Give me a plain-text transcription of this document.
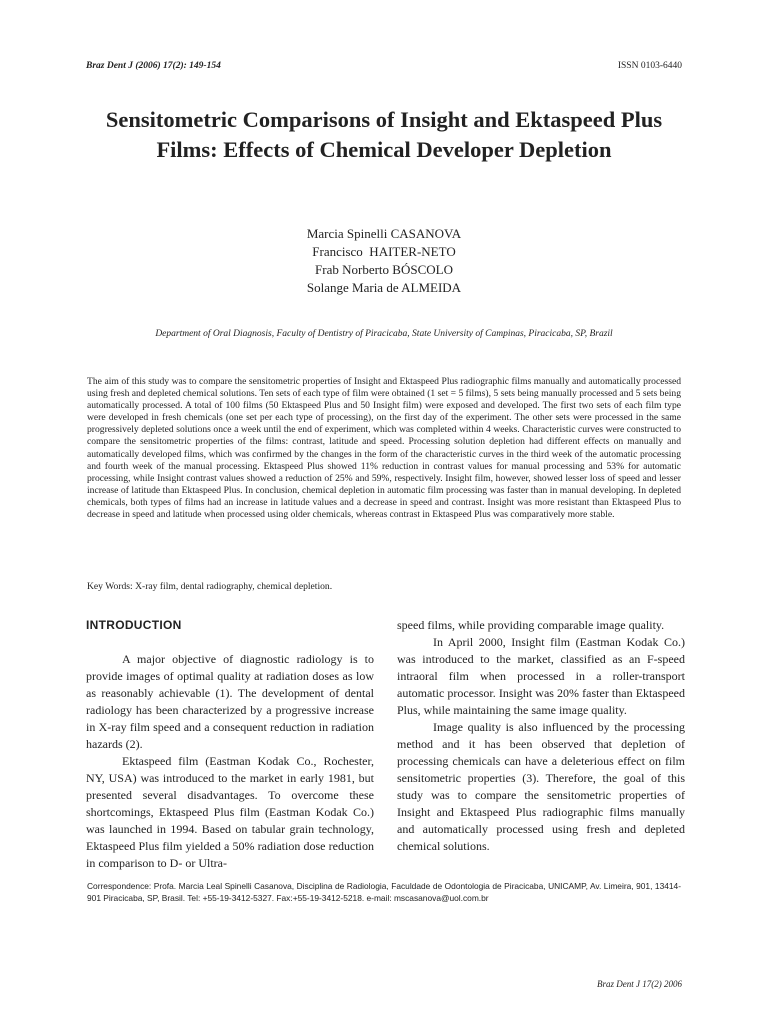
Braz Dent J (2006) 17(2): 149-154	ISSN 0103-6440
Sensitometric Comparisons of Insight and Ektaspeed Plus Films: Effects of Chemical Developer Depletion
Marcia Spinelli CASANOVA
Francisco  HAITER-NETO
Frab Norberto BÓSCOLO
Solange Maria de ALMEIDA
Department of Oral Diagnosis, Faculty of Dentistry of Piracicaba, State University of Campinas, Piracicaba, SP, Brazil

The aim of this study was to compare the sensitometric properties of Insight and Ektaspeed Plus radiographic films manually and automatically processed using fresh and depleted chemical solutions. Ten sets of each type of film were obtained (1 set = 5 films), 5 sets being manually processed and 5 sets being automatically processed. A total of 100 films (50 Ektaspeed Plus and 50 Insight film) were exposed and developed. The first two sets of each film type were developed in fresh chemicals (one set per each type of processing), on the first day of the experiment. The other sets were processed in the same progressively depleted solutions once a week until the end of experiment, which was completed within 4 weeks. Characteristic curves were constructed to compare the sensitometric properties of the films: contrast, latitude and speed. Processing solution depletion had different effects on manually and automatically developed films, which was confirmed by the changes in the form of the characteristic curves in the third week of the automatic processing and fourth week of the manual processing. Ektaspeed Plus showed 11% reduction in contrast values for manual processing and 53% for automatic processing, while Insight contrast values showed a reduction of 25% and 59%, respectively. Insight film, however, showed lesser loss of speed and lesser increase of latitude than Ektaspeed Plus. In conclusion, chemical depletion in automatic film processing was faster than in manual developing. In depleted chemicals, both types of films had an increase in latitude values and a decrease in speed and contrast. Insight was more resistant than Ektaspeed Plus to decrease in speed and latitude when processed using older chemicals, whereas contrast in Ektaspeed Plus was comparatively more stable.

Key Words: X-ray film, dental radiography, chemical depletion.
INTRODUCTION

A major objective of diagnostic radiology is to provide images of optimal quality at radiation doses as low as reasonably achievable (1). The development of dental radiology has been characterized by a progressive increase in X-ray film speed and a consequent reduction in radiation hazards (2).

Ektaspeed film (Eastman Kodak Co., Rochester, NY, USA) was introduced to the market in early 1981, but presented several disadvantages. To overcome these shortcomings, Ektaspeed Plus film (Eastman Kodak Co.) was launched in 1994. Based on tabular grain technology, Ektaspeed Plus film yielded a 50% radiation dose reduction in comparison to D- or Ultra-

speed films, while providing comparable image quality.

In April 2000, Insight film (Eastman Kodak Co.) was introduced to the market, classified as an F-speed intraoral film when processed in a roller-transport automatic processor. Insight was 20% faster than Ektaspeed Plus, while maintaining the same image quality.

Image quality is also influenced by the processing method and it has been observed that depletion of processing chemicals can have a deleterious effect on film sensitometric properties (3). Therefore, the goal of this study was to compare the sensitometric properties of Insight and Ektaspeed Plus radiographic films manually and automatically processed using fresh and depleted chemical solutions.

Correspondence: Profa. Marcia Leal Spinelli Casanova, Disciplina de Radiologia, Faculdade de Odontologia de Piracicaba, UNICAMP, Av. Limeira, 901, 13414-901 Piracicaba, SP, Brasil. Tel: +55-19-3412-5327. Fax:+55-19-3412-5218. e-mail: mscasanova@uol.com.br
Braz Dent J 17(2) 2006
